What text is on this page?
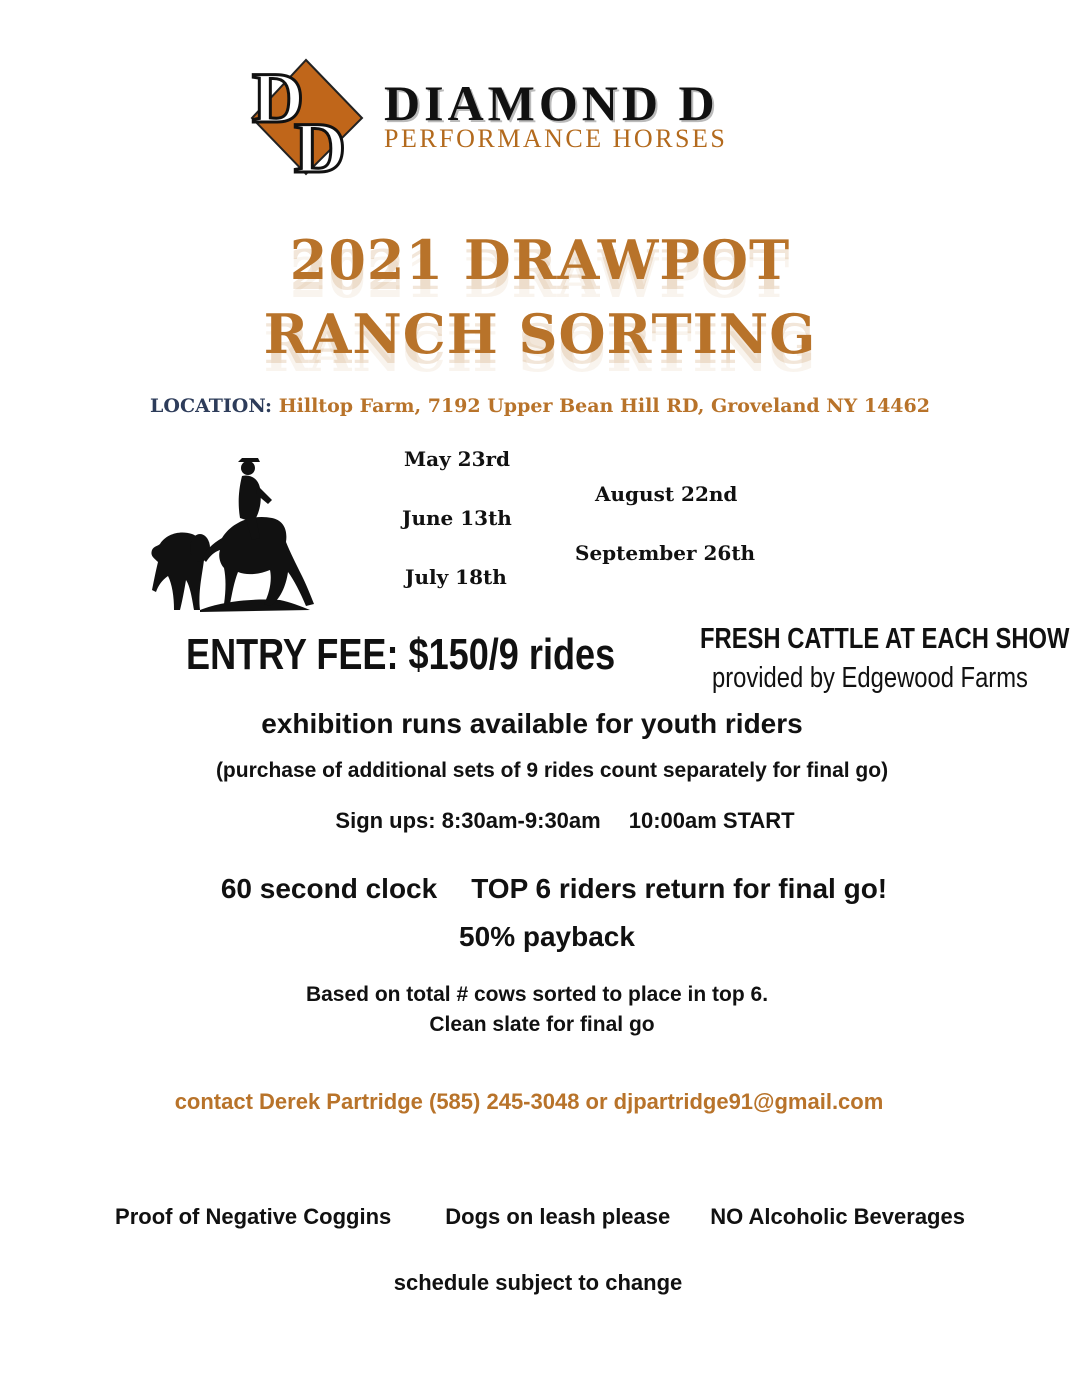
D
D
DIAMOND D
PERFORMANCE HORSES
2021 DRAWPOT
RANCH SORTING
LOCATION: Hilltop Farm, 7192 Upper Bean Hill RD, Groveland NY 14462
May 23rd
June 13th
July 18th
August 22nd
September 26th
ENTRY FEE: $150/9 rides	FRESH CATTLE AT EACH SHOW
provided by Edgewood Farms
exhibition runs available for youth riders
(purchase of additional sets of 9 rides count separately for final go)
Sign ups: 8:30am-9:30am 10:00am START
60 second clock TOP 6 riders return for final go!
50% payback
Based on total # cows sorted to place in top 6.
Clean slate for final go
contact Derek Partridge (585) 245-3048 or djpartridge91@gmail.com
Proof of Negative Coggins Dogs on leash please NO Alcoholic Beverages
schedule subject to change
